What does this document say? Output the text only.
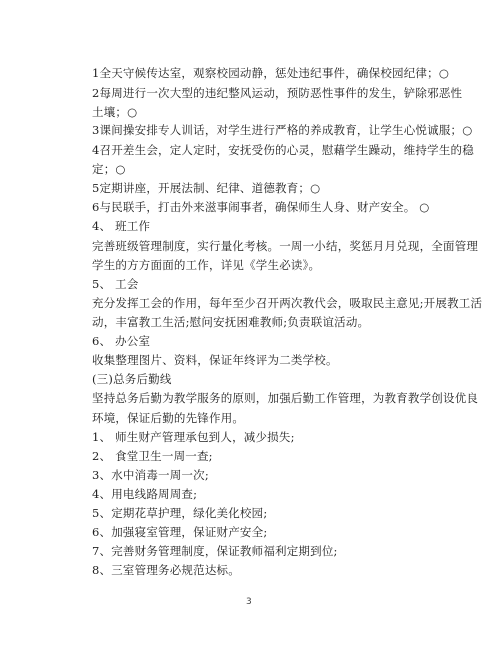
1全天守候传达室，观察校园动静，惩处违纪事件，确保校园纪律；○
2每周进行一次大型的违纪整风运动，预防恶性事件的发生，铲除邪恶性
土壤；○
3课间操安排专人训话，对学生进行严格的养成教育，让学生心悦诚服；○
4召开差生会，定人定时，安抚受伤的心灵，慰藉学生躁动，维持学生的稳
定；○
5定期讲座，开展法制、纪律、道德教育；○
6与民联手，打击外来滋事闹事者，确保师生人身、财产安全。 ○
4、 班工作
完善班级管理制度，实行量化考核。一周一小结，奖惩月月兑现，全面管理
学生的方方面面的工作，详见《学生必读》。
5、 工会
充分发挥工会的作用，每年至少召开两次教代会，吸取民主意见;开展教工活
动，丰富教工生活;慰问安抚困难教师;负责联谊活动。
6、 办公室
收集整理图片、资料，保证年终评为二类学校。
(三)总务后勤线
坚持总务后勤为教学服务的原则，加强后勤工作管理，为教育教学创设优良
环境，保证后勤的先锋作用。
1、 师生财产管理承包到人，减少损失;
2、 食堂卫生一周一查;
3、水中消毒一周一次;
4、用电线路周周查;
5、定期花草护理，绿化美化校园;
6、加强寝室管理，保证财产安全;
7、完善财务管理制度，保证教师福利定期到位;
8、三室管理务必规范达标。
3
